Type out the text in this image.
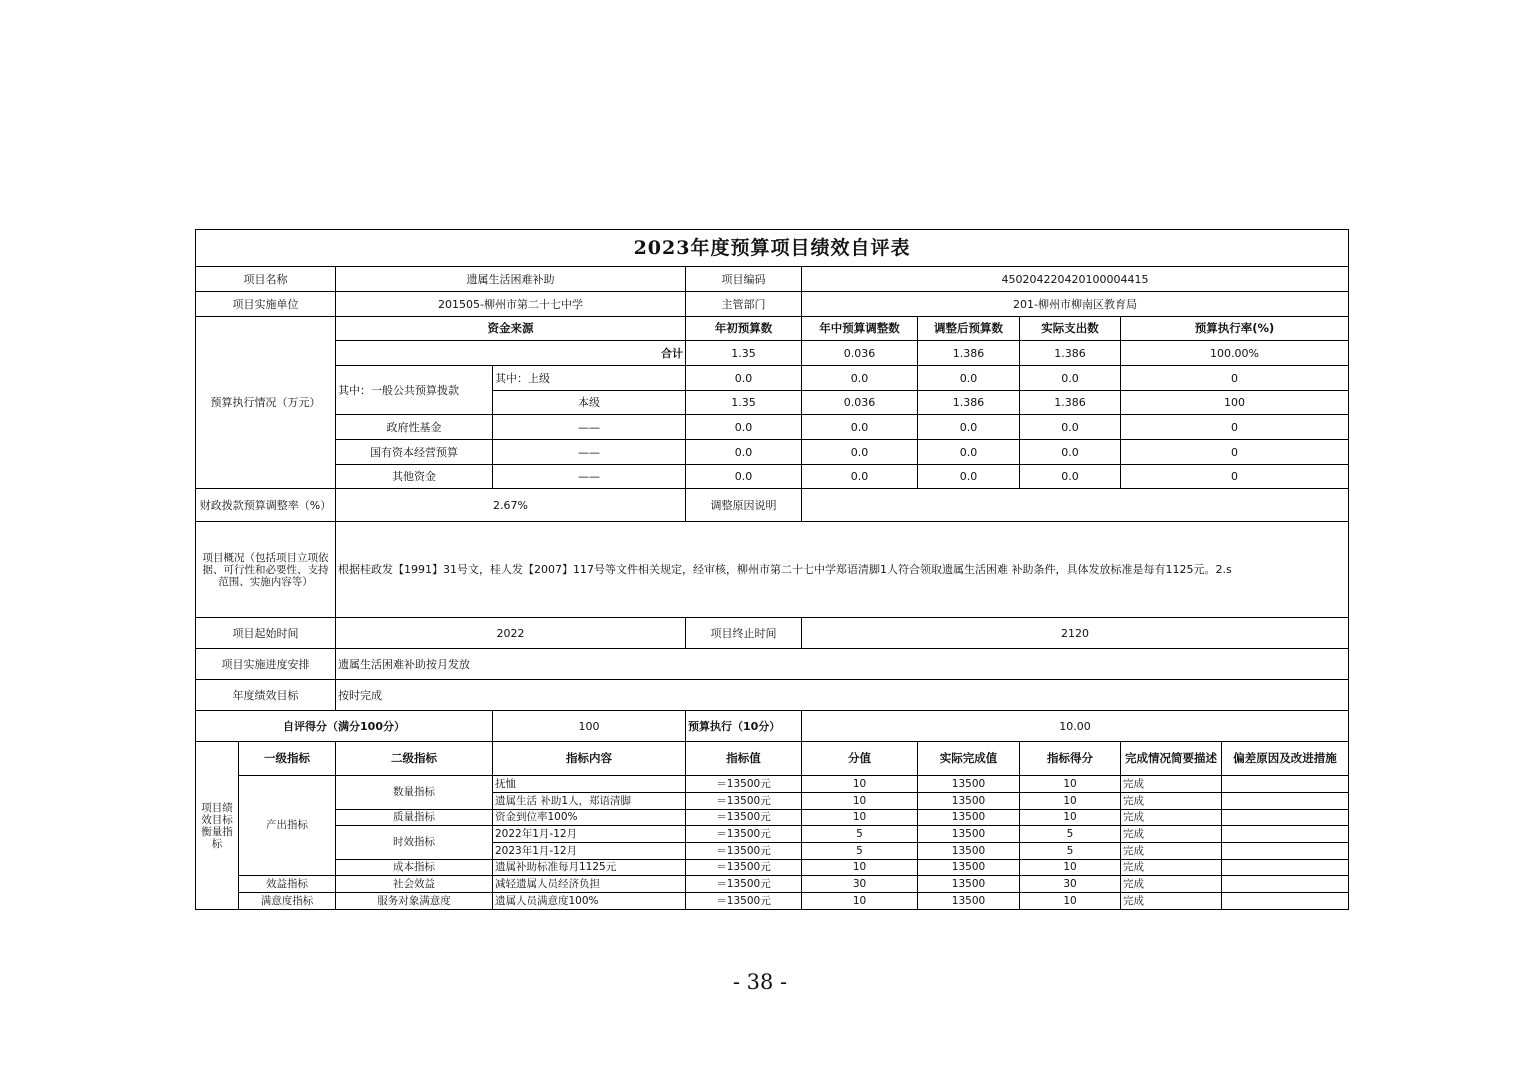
2023年度预算项目绩效自评表									
项目名称		遗属生活困难补助		项目编码	450204220420100004415				
项目实施单位		201505-柳州市第二十七中学		主管部门	201-柳州市柳南区教育局				
预算执行情况（万元）		资金来源		年初预算数	年中预算调整数	调整后预算数	实际支出数	预算执行率(%)	
		合计		1.35	0.036	1.386	1.386	100.00%	
		其中：一般公共预算拨款	其中：上级	0.0	0.0	0.0	0.0	0	
			本级	1.35	0.036	1.386	1.386	100	
		政府性基金	——	0.0	0.0	0.0	0.0	0	
		国有资本经营预算	——	0.0	0.0	0.0	0.0	0	
		其他资金	——	0.0	0.0	0.0	0.0	0	
财政拨款预算调整率（%）		2.67%		调整原因说明					
项目概况（包括项目立项依据、可行性和必要性、支持范围、实施内容等）		根据桂政发【1991】31号文，桂人发【2007】117号等文件相关规定，经审核，柳州市第二十七中学郑语清脚1人符合领取遗属生活困难 补助条件，具体发放标准是每有1125元。2.s							
项目起始时间		2022		项目终止时间	2120				
项目实施进度安排		遗属生活困难补助按月发放							
年度绩效目标		按时完成							
自评得分（满分100分）			100	预算执行（10分）	10.00				
项目绩效目标衡量指标	一级指标	二级指标	指标内容	指标值	分值	实际完成值	指标得分	完成情况简要描述	偏差原因及改进措施
	产出指标	数量指标	抚恤	＝13500元	10	13500	10	完成	
			遗属生活 补助1人，郑语清脚	＝13500元	10	13500	10	完成	
		质量指标	资金到位率100%	＝13500元	10	13500	10	完成	
		时效指标	2022年1月-12月	＝13500元	5	13500	5	完成	
			2023年1月-12月	＝13500元	5	13500	5	完成	
		成本指标	遗属补助标准每月1125元	＝13500元	10	13500	10	完成	
	效益指标	社会效益	减轻遗属人员经济负担	＝13500元	30	13500	30	完成	
	满意度指标	服务对象满意度	遗属人员满意度100%	＝13500元	10	13500	10	完成	
- 38 -
